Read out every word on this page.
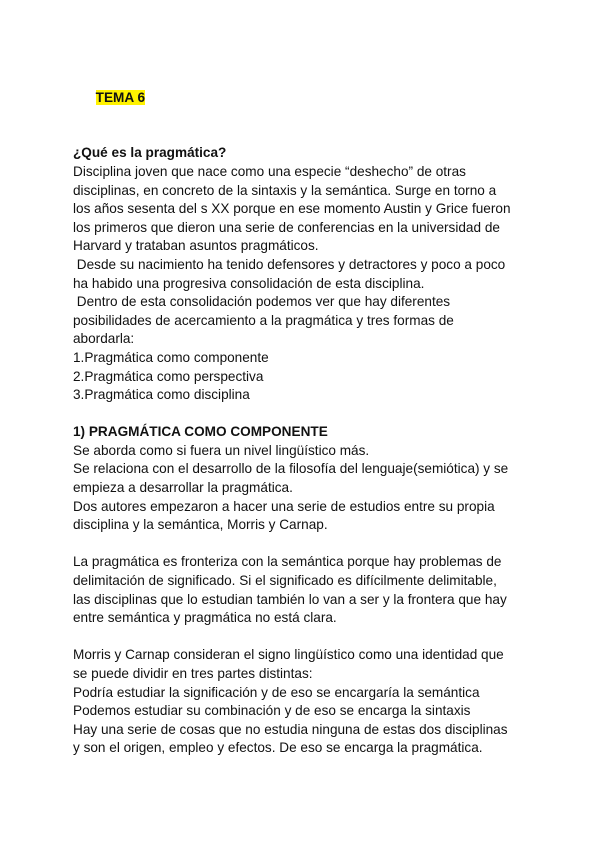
TEMA 6

¿Qué es la pragmática?

Disciplina joven que nace como una especie “deshecho” de otras

disciplinas, en concreto de la sintaxis y la semántica. Surge en torno a

los años sesenta del s XX porque en ese momento Austin y Grice fueron

los primeros que dieron una serie de conferencias en la universidad de

Harvard y trataban asuntos pragmáticos.

Desde su nacimiento ha tenido defensores y detractores y poco a poco

ha habido una progresiva consolidación de esta disciplina.

Dentro de esta consolidación podemos ver que hay diferentes

posibilidades de acercamiento a la pragmática y tres formas de

abordarla:

1.Pragmática como componente

2.Pragmática como perspectiva

3.Pragmática como disciplina

1) PRAGMÁTICA COMO COMPONENTE

Se aborda como si fuera un nivel lingüístico más.

Se relaciona con el desarrollo de la filosofía del lenguaje(semiótica) y se

empieza a desarrollar la pragmática.

Dos autores empezaron a hacer una serie de estudios entre su propia

disciplina y la semántica, Morris y Carnap.

La pragmática es fronteriza con la semántica porque hay problemas de

delimitación de significado. Si el significado es difícilmente delimitable,

las disciplinas que lo estudian también lo van a ser y la frontera que hay

entre semántica y pragmática no está clara.

Morris y Carnap consideran el signo lingüístico como una identidad que

se puede dividir en tres partes distintas:

Podría estudiar la significación y de eso se encargaría la semántica

Podemos estudiar su combinación y de eso se encarga la sintaxis

Hay una serie de cosas que no estudia ninguna de estas dos disciplinas

y son el origen, empleo y efectos. De eso se encarga la pragmática.
